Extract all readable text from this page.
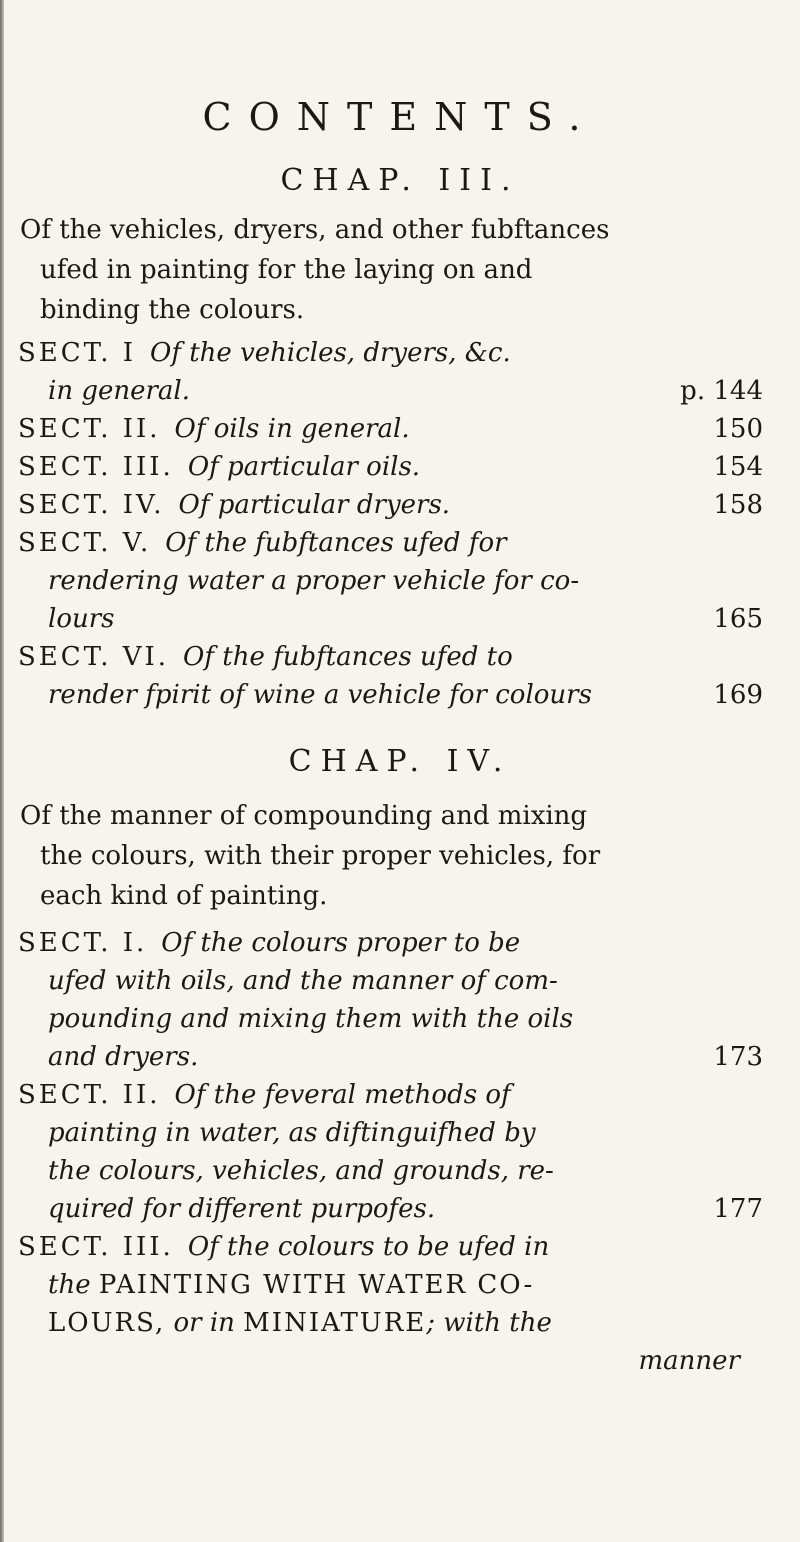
CONTENTS.
CHAP. III.
Of the vehicles, dryers, and other fubftances
ufed in painting for the laying on and
binding the colours.
SECT. I Of the vehicles, dryers, &c.
in general.	p. 144
SECT. II. Of oils in general.	150
SECT. III. Of particular oils.	154
SECT. IV. Of particular dryers.	158
SECT. V. Of the fubftances ufed for
rendering water a proper vehicle for co-
lours	165
SECT. VI. Of the fubftances ufed to
render fpirit of wine a vehicle for colours	169
CHAP. IV.
Of the manner of compounding and mixing
the colours, with their proper vehicles, for
each kind of painting.
SECT. I. Of the colours proper to be
ufed with oils, and the manner of com-
pounding and mixing them with the oils
and dryers.	173
SECT. II. Of the feveral methods of
painting in water, as diftinguifhed by
the colours, vehicles, and grounds, re-
quired for different purpofes.	177
SECT. III. Of the colours to be ufed in
the PAINTING WITH WATER CO-
LOURS, or in MINIATURE; with the
manner
